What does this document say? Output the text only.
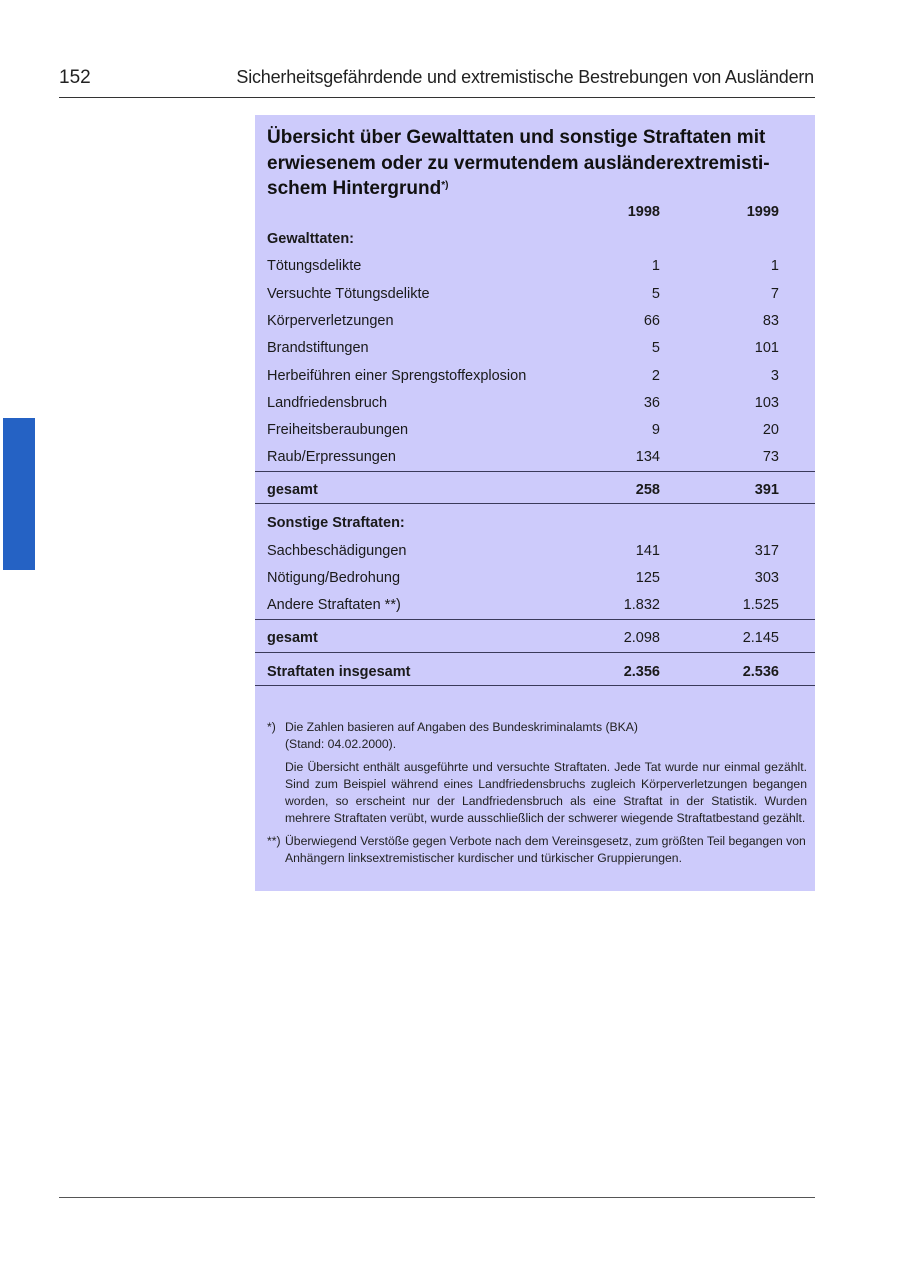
152	Sicherheitsgefährdende und extremistische Bestrebungen von Ausländern
Übersicht über Gewalttaten und sonstige Straftaten mit erwiesenem oder zu vermutendem ausländerextremisti- schem Hintergrund*)
1998	1999
Gewalttaten:
Tötungsdelikte	1	1
Versuchte Tötungsdelikte	5	7
Körperverletzungen	66	83
Brandstiftungen	5	101
Herbeiführen einer Sprengstoffexplosion	2	3
Landfriedensbruch	36	103
Freiheitsberaubungen	9	20
Raub/Erpressungen	134	73
gesamt	258	391
Sonstige Straftaten:
Sachbeschädigungen	141	317
Nötigung/Bedrohung	125	303
Andere Straftaten **)	1.832	1.525
gesamt	2.098	2.145
Straftaten insgesamt	2.356	2.536
*) Die Zahlen basieren auf Angaben des Bundeskriminalamts (BKA) (Stand: 04.02.2000).

Die Übersicht enthält ausgeführte und versuchte Straftaten. Jede Tat wurde nur einmal gezählt. Sind zum Beispiel während eines Landfriedensbruchs zugleich Körperverletzungen begangen worden, so erscheint nur der Landfriedensbruch als eine Straftat in der Statistik. Wurden mehrere Straftaten verübt, wurde ausschließlich der schwerer wiegende Straftatbestand gezählt.

**) Überwiegend Verstöße gegen Verbote nach dem Vereinsgesetz, zum größten Teil begangen von Anhängern linksextremistischer kurdischer und türkischer Gruppierungen.
